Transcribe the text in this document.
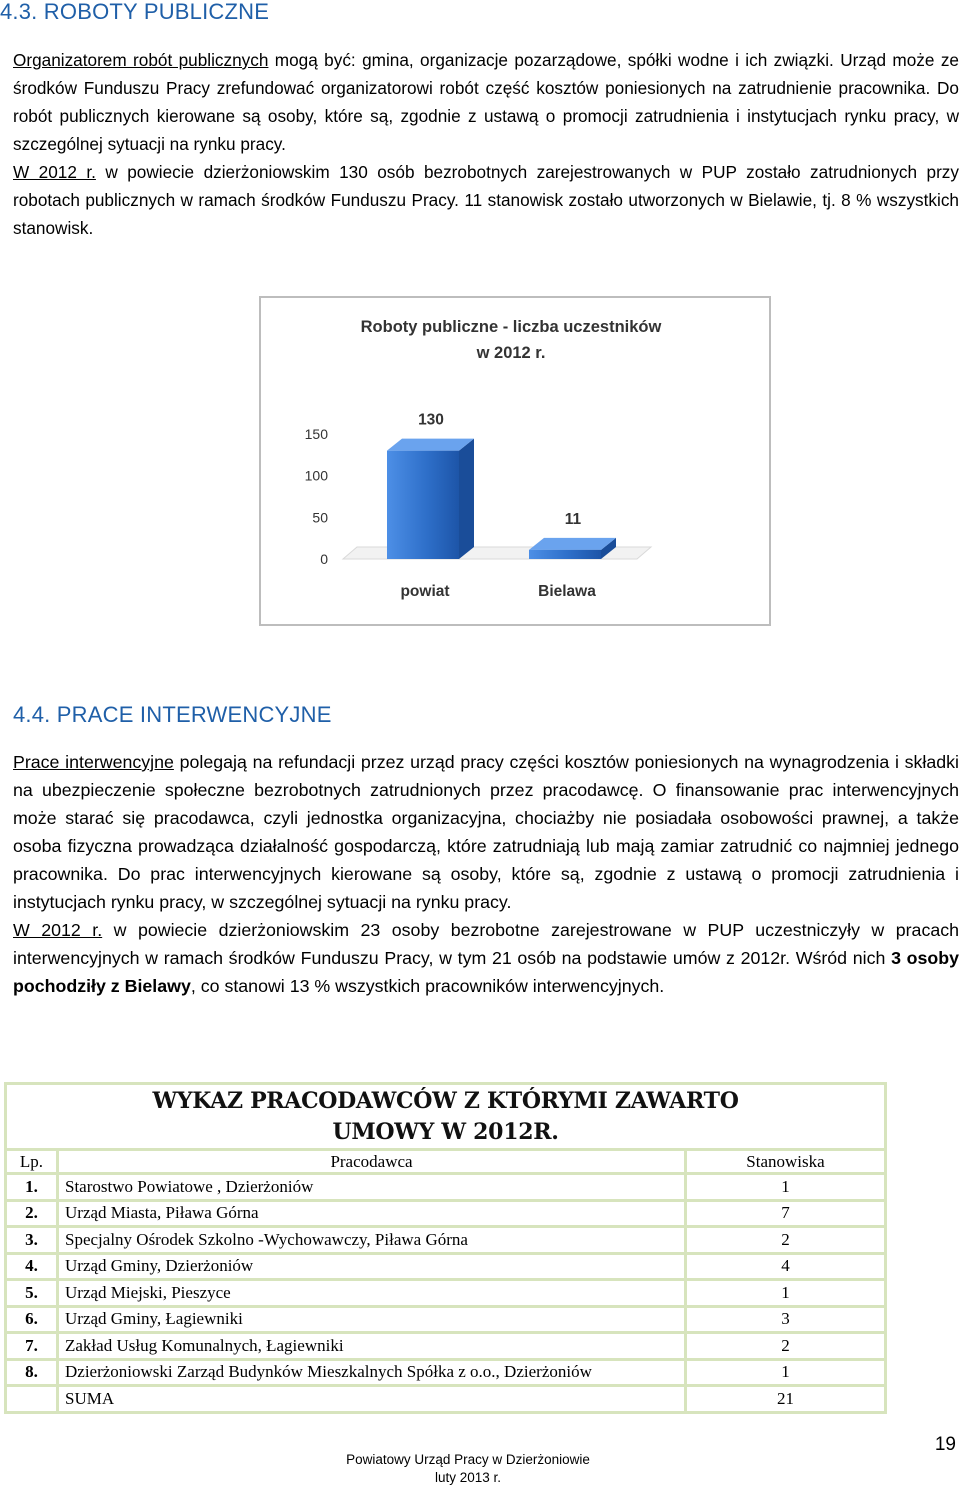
4.3. ROBOTY PUBLICZNE

Organizatorem robót publicznych mogą być: gmina, organizacje pozarządowe, spółki wodne i ich związki. Urząd może ze środków Funduszu Pracy zrefundować organizatorowi robót część kosztów poniesionych na zatrudnienie pracownika. Do robót publicznych kierowane są osoby, które są, zgodnie z ustawą o promocji zatrudnienia i instytucjach rynku pracy, w szczególnej sytuacji na rynku pracy.

W 2012 r. w powiecie dzierżoniowskim 130 osób bezrobotnych zarejestrowanych w PUP zostało zatrudnionych przy robotach publicznych w ramach środków Funduszu Pracy. 11 stanowisk zostało utworzonych w Bielawie, tj. 8 % wszystkich stanowisk.

Roboty publiczne - liczba uczestników
w 2012 r.
0
50
100
150
130
powiat
11
Bielawa
4.4. PRACE INTERWENCYJNE

Prace interwencyjne polegają na refundacji przez urząd pracy części kosztów poniesionych na wynagrodzenia i składki na ubezpieczenie społeczne bezrobotnych zatrudnionych przez pracodawcę. O finansowanie prac interwencyjnych może starać się pracodawca, czyli jednostka organizacyjna, chociażby nie posiadała osobowości prawnej, a także osoba fizyczna prowadząca działalność gospodarczą, które zatrudniają lub mają zamiar zatrudnić co najmniej jednego pracownika. Do prac interwencyjnych kierowane są osoby, które są, zgodnie z ustawą o promocji zatrudnienia i instytucjach rynku pracy, w szczególnej sytuacji na rynku pracy.

W 2012 r. w powiecie dzierżoniowskim 23 osoby bezrobotne zarejestrowane w PUP uczestniczyły w pracach interwencyjnych w ramach środków Funduszu Pracy, w tym 21 osób na podstawie umów z 2012r. Wśród nich 3 osoby pochodziły z Bielawy, co stanowi 13 % wszystkich pracowników interwencyjnych.

WYKAZ PRACODAWCÓW Z KTÓRYMI ZAWARTO
UMOWY W 2012R.		

Lp.	Pracodawca	Stanowiska
1.	Starostwo Powiatowe , Dzierżoniów	1
2.	Urząd Miasta, Piława Górna	7
3.	Specjalny Ośrodek Szkolno -Wychowawczy, Piława Górna	2
4.	Urząd Gminy, Dzierżoniów	4
5.	Urząd Miejski, Pieszyce	1
6.	Urząd Gminy, Łagiewniki	3
7.	Zakład Usług Komunalnych, Łagiewniki	2
8.	Dzierżoniowski Zarząd Budynków Mieszkalnych Spółka z o.o., Dzierżoniów	1
	SUMA	21
Powiatowy Urząd Pracy w Dzierżoniowie
luty 2013 r.
19
